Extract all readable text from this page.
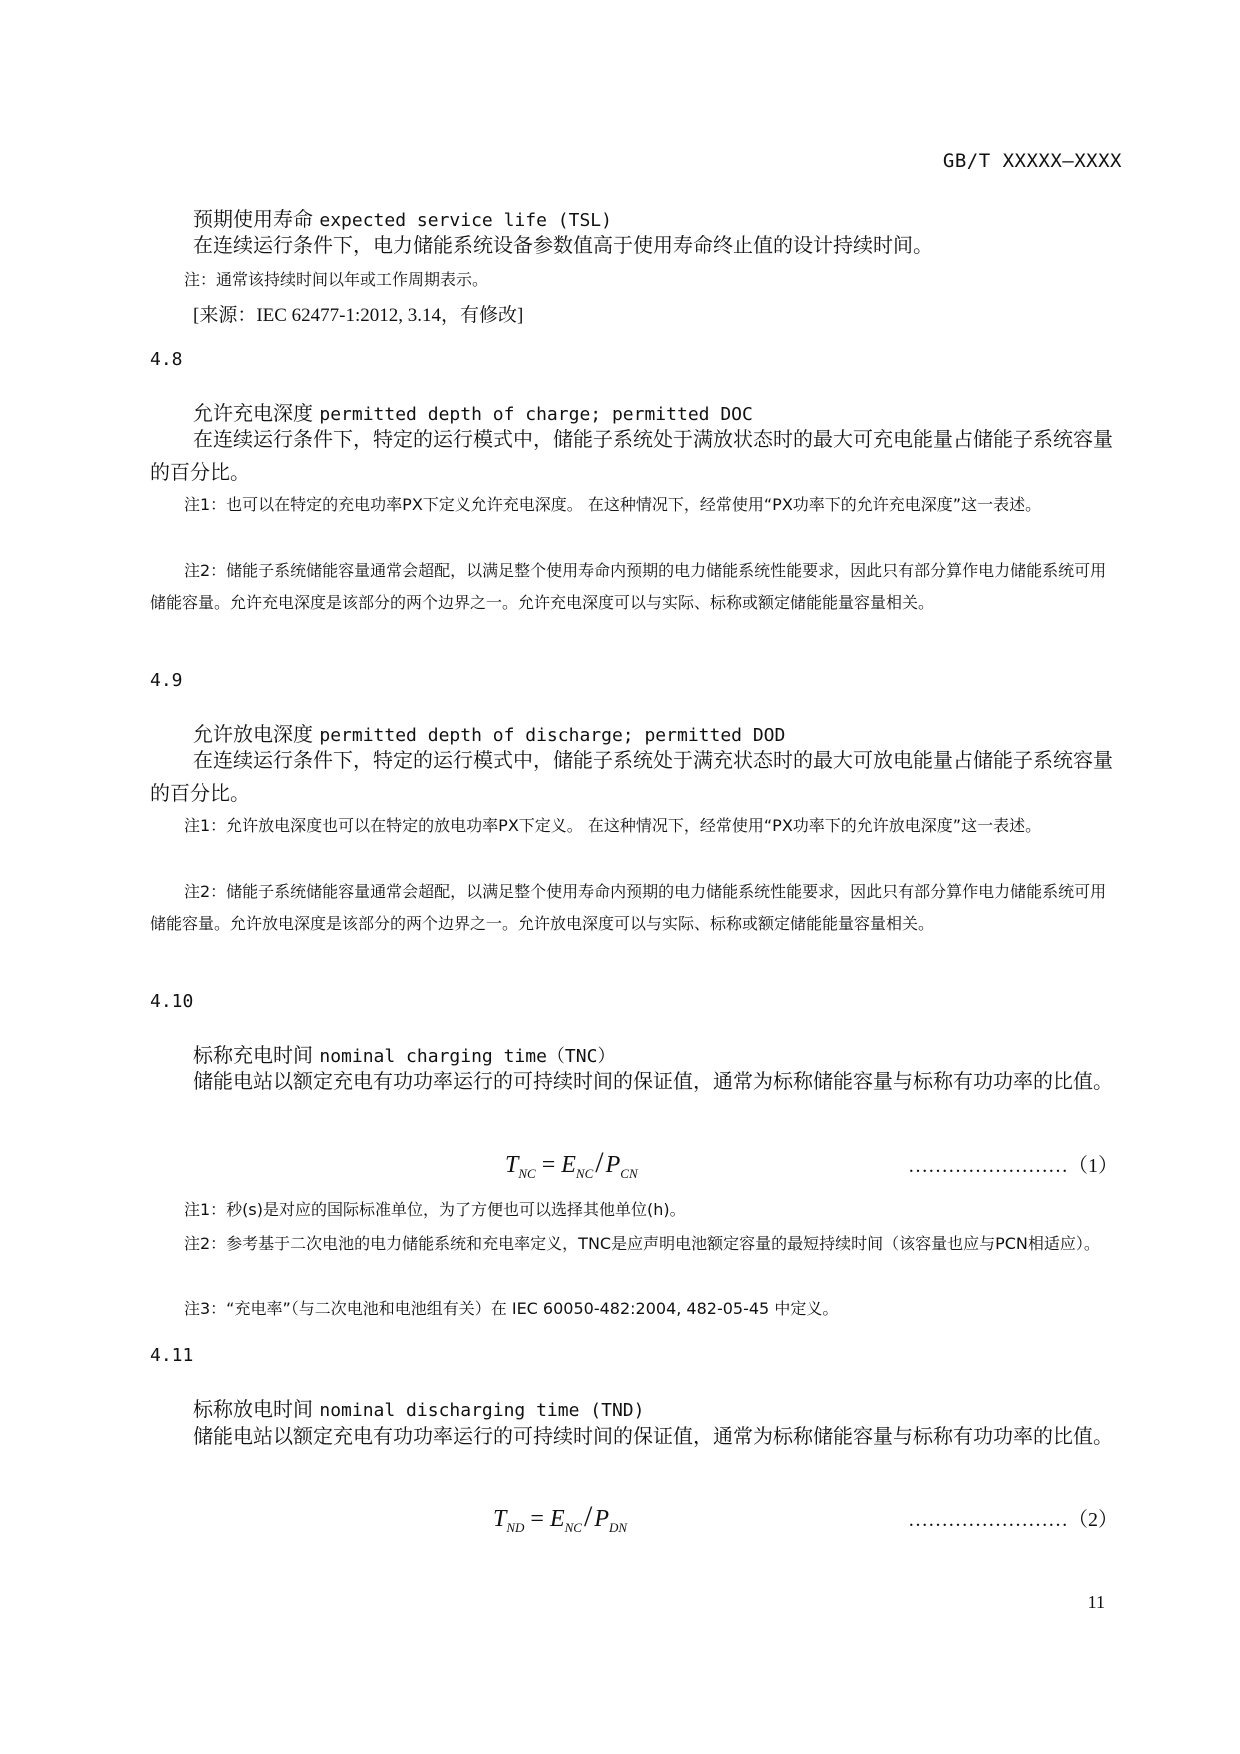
GB/T XXXXX—XXXX
预期使用寿命 expected service life (TSL)
在连续运行条件下，电力储能系统设备参数值高于使用寿命终止值的设计持续时间。
注：通常该持续时间以年或工作周期表示。
[来源：IEC 62477-1:2012, 3.14，有修改]
4.8
允许充电深度 permitted depth of charge; permitted DOC
在连续运行条件下，特定的运行模式中，储能子系统处于满放状态时的最大可充电能量占储能子系统容量的百分比。
注1：也可以在特定的充电功率PX下定义允许充电深度。 在这种情况下，经常使用“PX功率下的允许充电深度”这一表述。
注2：储能子系统储能容量通常会超配，以满足整个使用寿命内预期的电力储能系统性能要求，因此只有部分算作电力储能系统可用储能容量。允许充电深度是该部分的两个边界之一。允许充电深度可以与实际、标称或额定储能能量容量相关。
4.9
允许放电深度 permitted depth of discharge; permitted DOD
在连续运行条件下，特定的运行模式中，储能子系统处于满充状态时的最大可放电能量占储能子系统容量的百分比。
注1：允许放电深度也可以在特定的放电功率PX下定义。 在这种情况下，经常使用“PX功率下的允许放电深度”这一表述。
注2：储能子系统储能容量通常会超配，以满足整个使用寿命内预期的电力储能系统性能要求，因此只有部分算作电力储能系统可用储能容量。允许放电深度是该部分的两个边界之一。允许放电深度可以与实际、标称或额定储能能量容量相关。
4.10
标称充电时间 nominal charging time（TNC）
储能电站以额定充电有功功率运行的可持续时间的保证值，通常为标称储能容量与标称有功功率的比值。
$T_{NC} = E_{NC}/P_{CN}$	……………………（1）
注1：秒(s)是对应的国际标准单位，为了方便也可以选择其他单位(h)。
注2：参考基于二次电池的电力储能系统和充电率定义，TNC是应声明电池额定容量的最短持续时间（该容量也应与PCN相适应）。
注3：“充电率”（与二次电池和电池组有关）在 IEC 60050-482:2004, 482-05-45 中定义。
4.11
标称放电时间 nominal discharging time (TND)
储能电站以额定充电有功功率运行的可持续时间的保证值，通常为标称储能容量与标称有功功率的比值。
$T_{ND} = E_{NC}/P_{DN}$	……………………（2）
11
